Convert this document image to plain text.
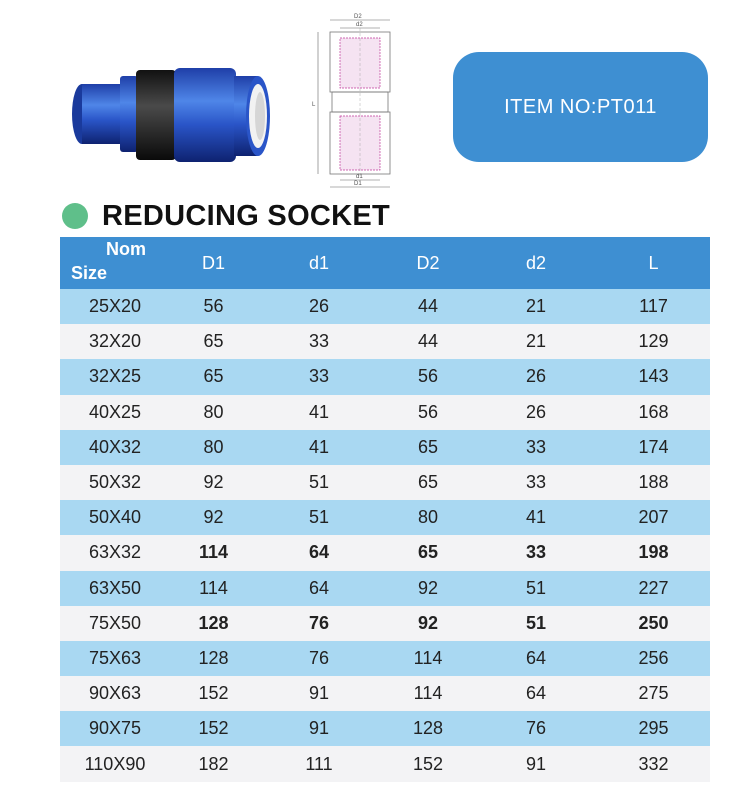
D2
d2
L
d1
D1
ITEM NO:PT011
REDUCING SOCKET
Nom
Size	D1	d1	D2	d2	L
25X20	56	26	44	21	117
32X20	65	33	44	21	129
32X25	65	33	56	26	143
40X25	80	41	56	26	168
40X32	80	41	65	33	174
50X32	92	51	65	33	188
50X40	92	51	80	41	207
63X32	114	64	65	33	198
63X50	114	64	92	51	227
75X50	128	76	92	51	250
75X63	128	76	114	64	256
90X63	152	91	114	64	275
90X75	152	91	128	76	295
110X90	182	111	152	91	332
